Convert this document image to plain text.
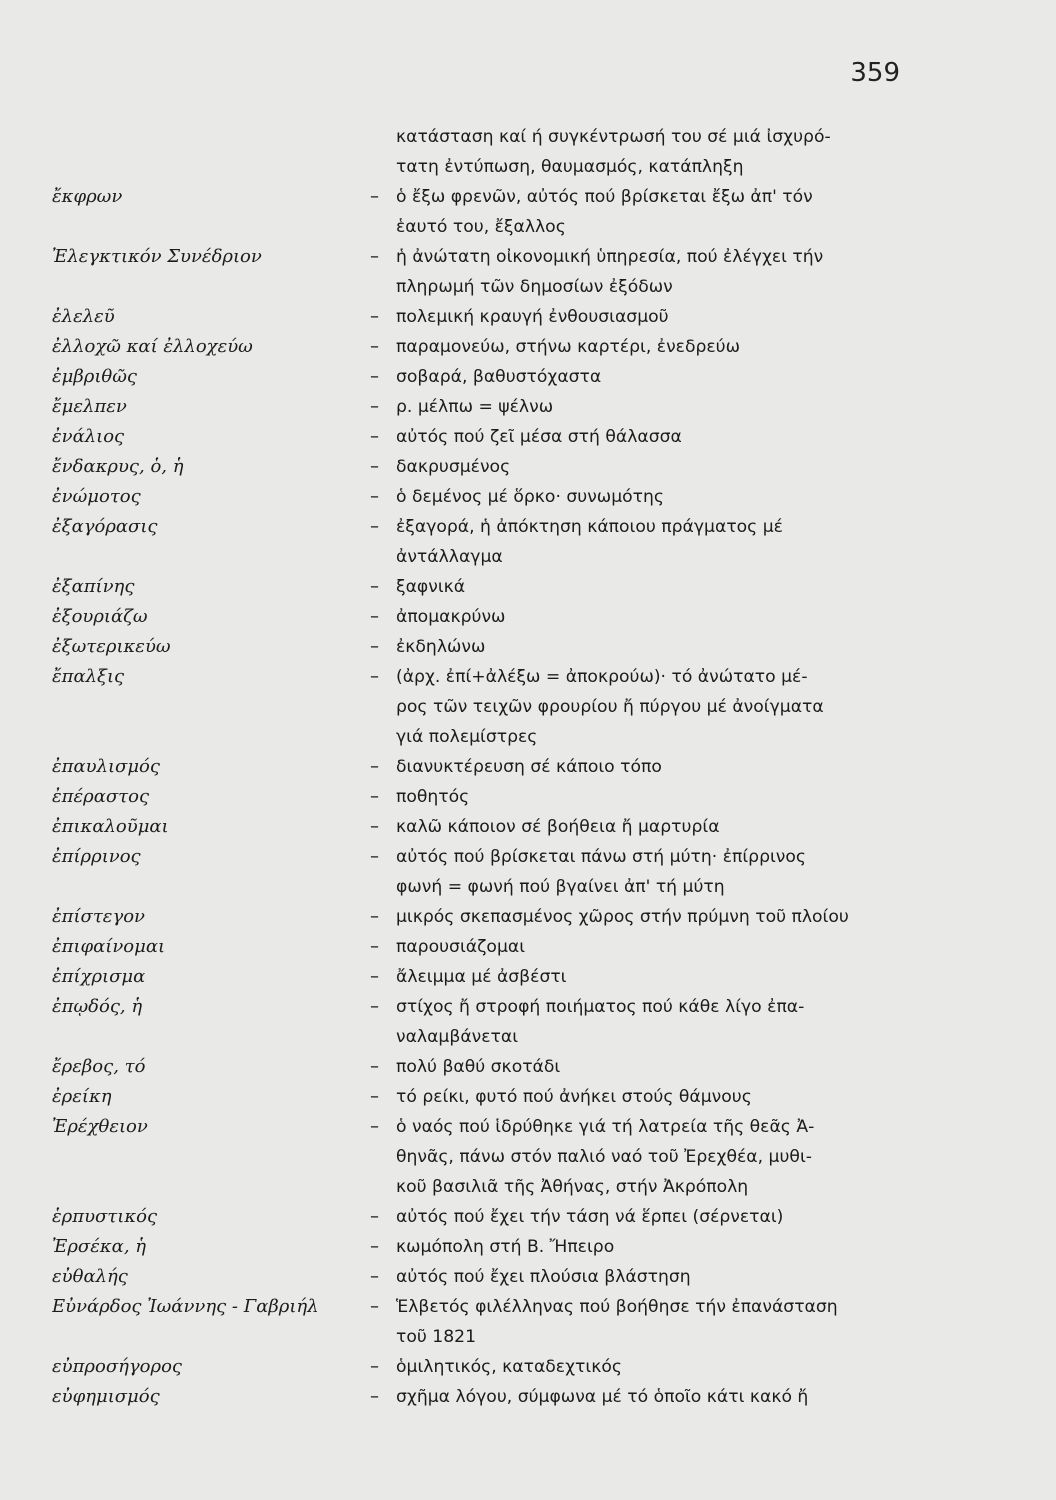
359
κατάσταση καί ή συγκέντρωσή του σέ μιά ἰσχυρό-
τατη ἐντύπωση, θαυμασμός, κατάπληξη
ἔκφρων	– ὁ ἔξω φρενῶν, αὐτός πού βρίσκεται ἔξω ἀπ' τόν
ἑαυτό του, ἔξαλλος
Ἐλεγκτικόν Συνέδριον	– ἡ ἀνώτατη οἰκονομική ὑπηρεσία, πού ἐλέγχει τήν
πληρωμή τῶν δημοσίων ἐξόδων
ἐλελεῦ	– πολεμική κραυγή ἐνθουσιασμοῦ
ἐλλοχῶ καί ἐλλοχεύω	– παραμονεύω, στήνω καρτέρι, ἐνεδρεύω
ἐμβριθῶς	– σοβαρά, βαθυστόχαστα
ἔμελπεν	– ρ. μέλπω = ψέλνω
ἐνάλιος	– αὐτός πού ζεῖ μέσα στή θάλασσα
ἔνδακρυς, ὁ, ἡ	– δακρυσμένος
ἐνώμοτος	– ὁ δεμένος μέ ὅρκο· συνωμότης
ἐξαγόρασις	– ἐξαγορά, ἡ ἀπόκτηση κάποιου πράγματος μέ
ἀντάλλαγμα
ἐξαπίνης	– ξαφνικά
ἐξουριάζω	– ἀπομακρύνω
ἐξωτερικεύω	– ἐκδηλώνω
ἔπαλξις	– (ἀρχ. ἐπί+ἀλέξω = ἀποκρούω)· τό ἀνώτατο μέ-
ρος τῶν τειχῶν φρουρίου ἤ πύργου μέ ἀνοίγματα
γιά πολεμίστρες
ἐπαυλισμός	– διανυκτέρευση σέ κάποιο τόπο
ἐπέραστος	– ποθητός
ἐπικαλοῦμαι	– καλῶ κάποιον σέ βοήθεια ἤ μαρτυρία
ἐπίρρινος	– αὐτός πού βρίσκεται πάνω στή μύτη· ἐπίρρινος
φωνή = φωνή πού βγαίνει ἀπ' τή μύτη
ἐπίστεγον	– μικρός σκεπασμένος χῶρος στήν πρύμνη τοῦ πλοίου
ἐπιφαίνομαι	– παρουσιάζομαι
ἐπίχρισμα	– ἄλειμμα μέ ἀσβέστι
ἐπῳδός, ἡ	– στίχος ἤ στροφή ποιήματος πού κάθε λίγο ἐπα-
ναλαμβάνεται
ἔρεβος, τό	– πολύ βαθύ σκοτάδι
ἐρείκη	– τό ρείκι, φυτό πού ἀνήκει στούς θάμνους
Ἐρέχθειον	– ὁ ναός πού ἱδρύθηκε γιά τή λατρεία τῆς θεᾶς Ἀ-
θηνᾶς, πάνω στόν παλιό ναό τοῦ Ἐρεχθέα, μυθι-
κοῦ βασιλιᾶ τῆς Ἀθήνας, στήν Ἀκρόπολη
ἑρπυστικός	– αὐτός πού ἔχει τήν τάση νά ἕρπει (σέρνεται)
Ἐρσέκα, ἡ	– κωμόπολη στή Β. Ἤπειρο
εὐθαλής	– αὐτός πού ἔχει πλούσια βλάστηση
Εὐνάρδος Ἰωάννης - Γαβριήλ	– Ἑλβετός φιλέλληνας πού βοήθησε τήν ἐπανάσταση
τοῦ 1821
εὐπροσήγορος	– ὁμιλητικός, καταδεχτικός
εὐφημισμός	– σχῆμα λόγου, σύμφωνα μέ τό ὁποῖο κάτι κακό ἤ
